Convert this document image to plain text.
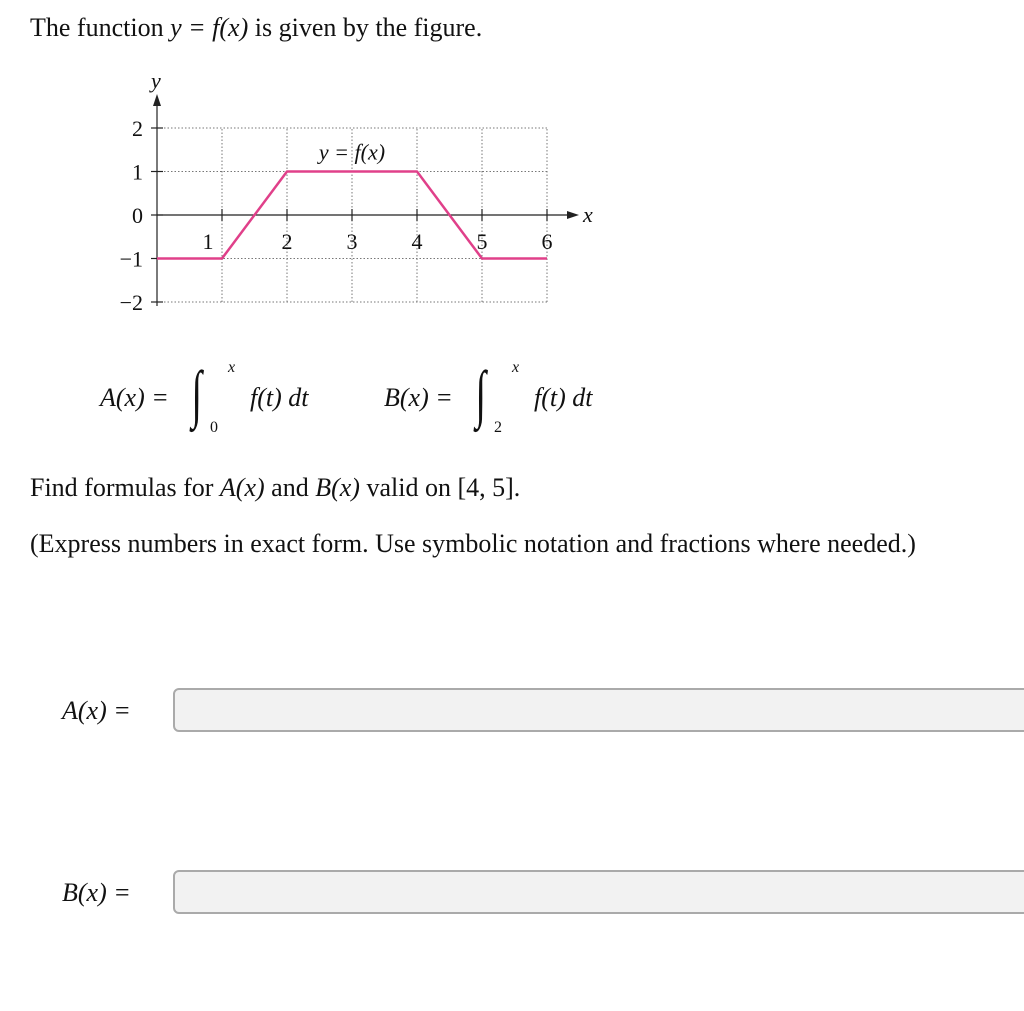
The function y = f(x) is given by the figure.
x
y
2
1
0
−1
−2
1	2 3 4 5 6
y = f(x)
A(x) = ∫ x
0
f(t) dt	B(x) = ∫ x
2
f(t) dt
Find formulas for A(x) and B(x) valid on [4, 5].
(Express numbers in exact form. Use symbolic notation and fractions where needed.)
A(x) =
B(x) =
